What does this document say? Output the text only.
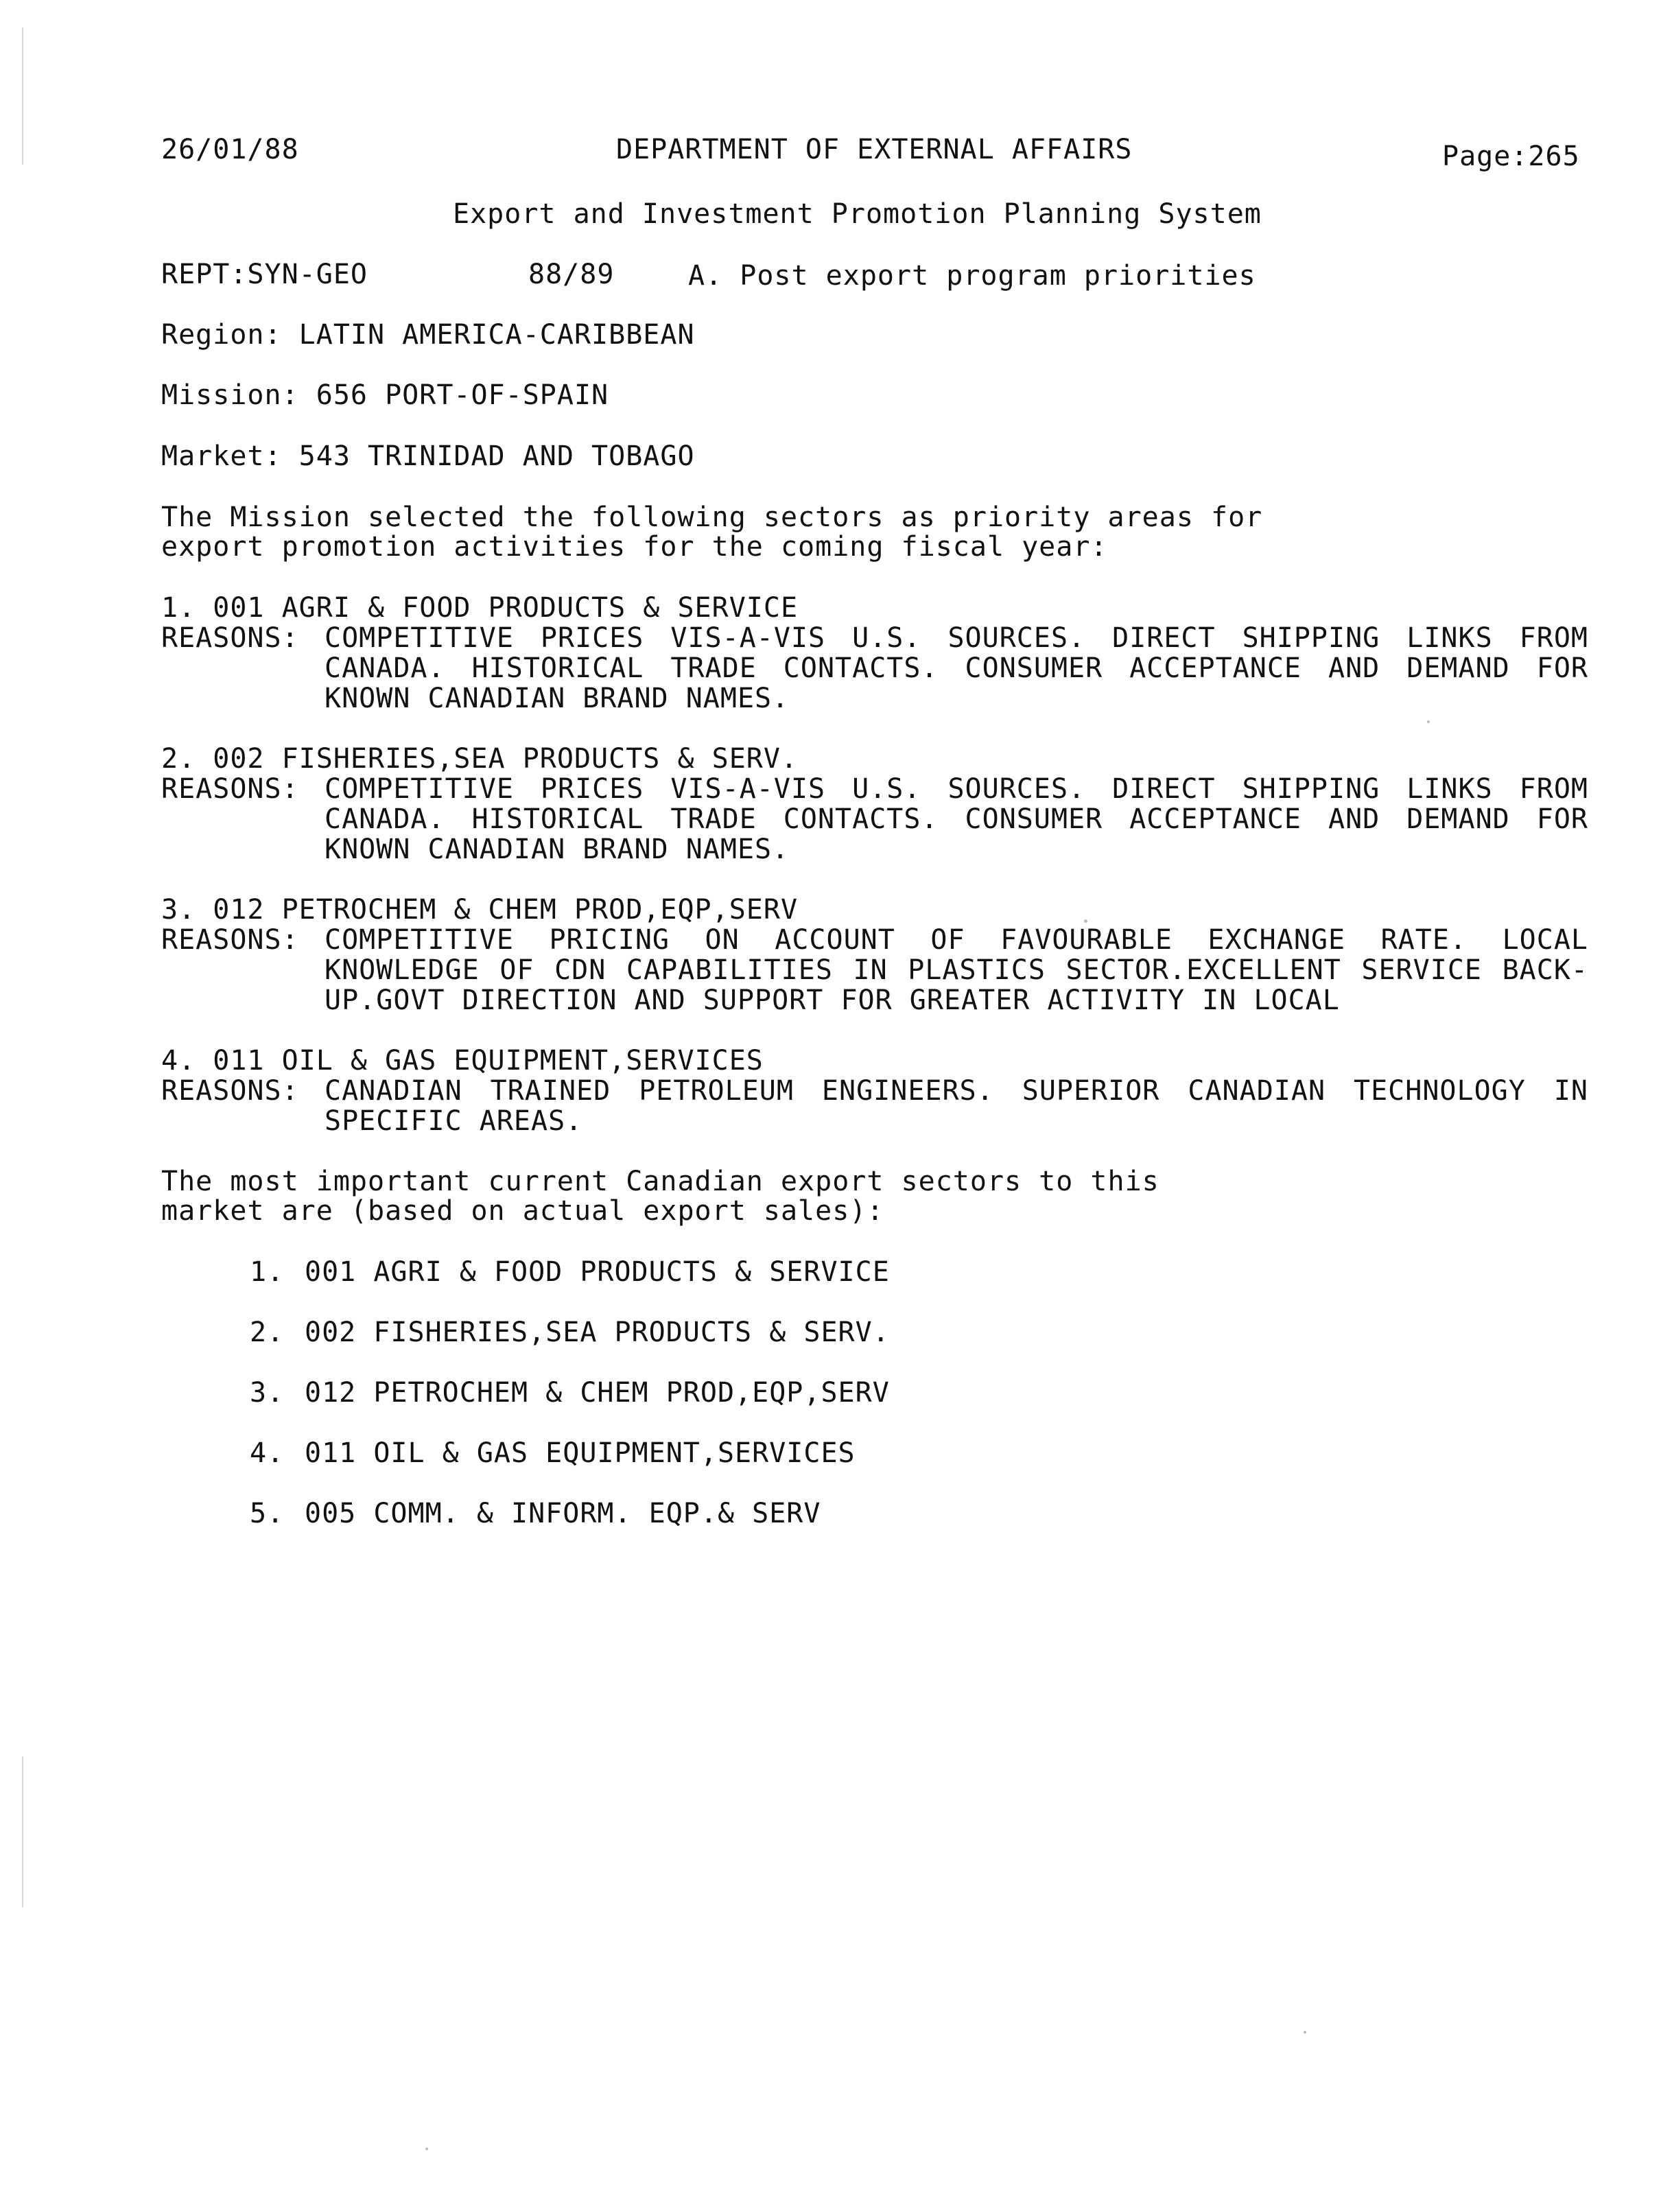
26/01/88	DEPARTMENT OF EXTERNAL AFFAIRS	Page:265
Export and Investment Promotion Planning System
REPT:SYN-GEO	88/89	A. Post export program priorities
Region: LATIN AMERICA-CARIBBEAN
Mission: 656 PORT-OF-SPAIN
Market: 543 TRINIDAD AND TOBAGO
The Mission selected the following sectors as priority areas for
export promotion activities for the coming fiscal year:
1. 001 AGRI & FOOD PRODUCTS & SERVICE
REASONS: COMPETITIVE PRICES VIS-A-VIS U.S. SOURCES. DIRECT SHIPPING LINKS FROM CANADA. HISTORICAL TRADE CONTACTS. CONSUMER ACCEPTANCE AND DEMAND FOR KNOWN CANADIAN BRAND NAMES.
2. 002 FISHERIES,SEA PRODUCTS & SERV.
REASONS: COMPETITIVE PRICES VIS-A-VIS U.S. SOURCES. DIRECT SHIPPING LINKS FROM CANADA. HISTORICAL TRADE CONTACTS. CONSUMER ACCEPTANCE AND DEMAND FOR KNOWN CANADIAN BRAND NAMES.
3. 012 PETROCHEM & CHEM PROD,EQP,SERV
REASONS: COMPETITIVE PRICING ON ACCOUNT OF FAVOURABLE EXCHANGE RATE. LOCAL KNOWLEDGE OF CDN CAPABILITIES IN PLASTICS SECTOR.EXCELLENT SERVICE BACK-UP.GOVT DIRECTION AND SUPPORT FOR GREATER ACTIVITY IN LOCAL
4. 011 OIL & GAS EQUIPMENT,SERVICES
REASONS: CANADIAN TRAINED PETROLEUM ENGINEERS. SUPERIOR CANADIAN TECHNOLOGY IN SPECIFIC AREAS.
The most important current Canadian export sectors to this
market are (based on actual export sales):
1. 001 AGRI & FOOD PRODUCTS & SERVICE
2. 002 FISHERIES,SEA PRODUCTS & SERV.
3. 012 PETROCHEM & CHEM PROD,EQP,SERV
4. 011 OIL & GAS EQUIPMENT,SERVICES
5. 005 COMM. & INFORM. EQP.& SERV
